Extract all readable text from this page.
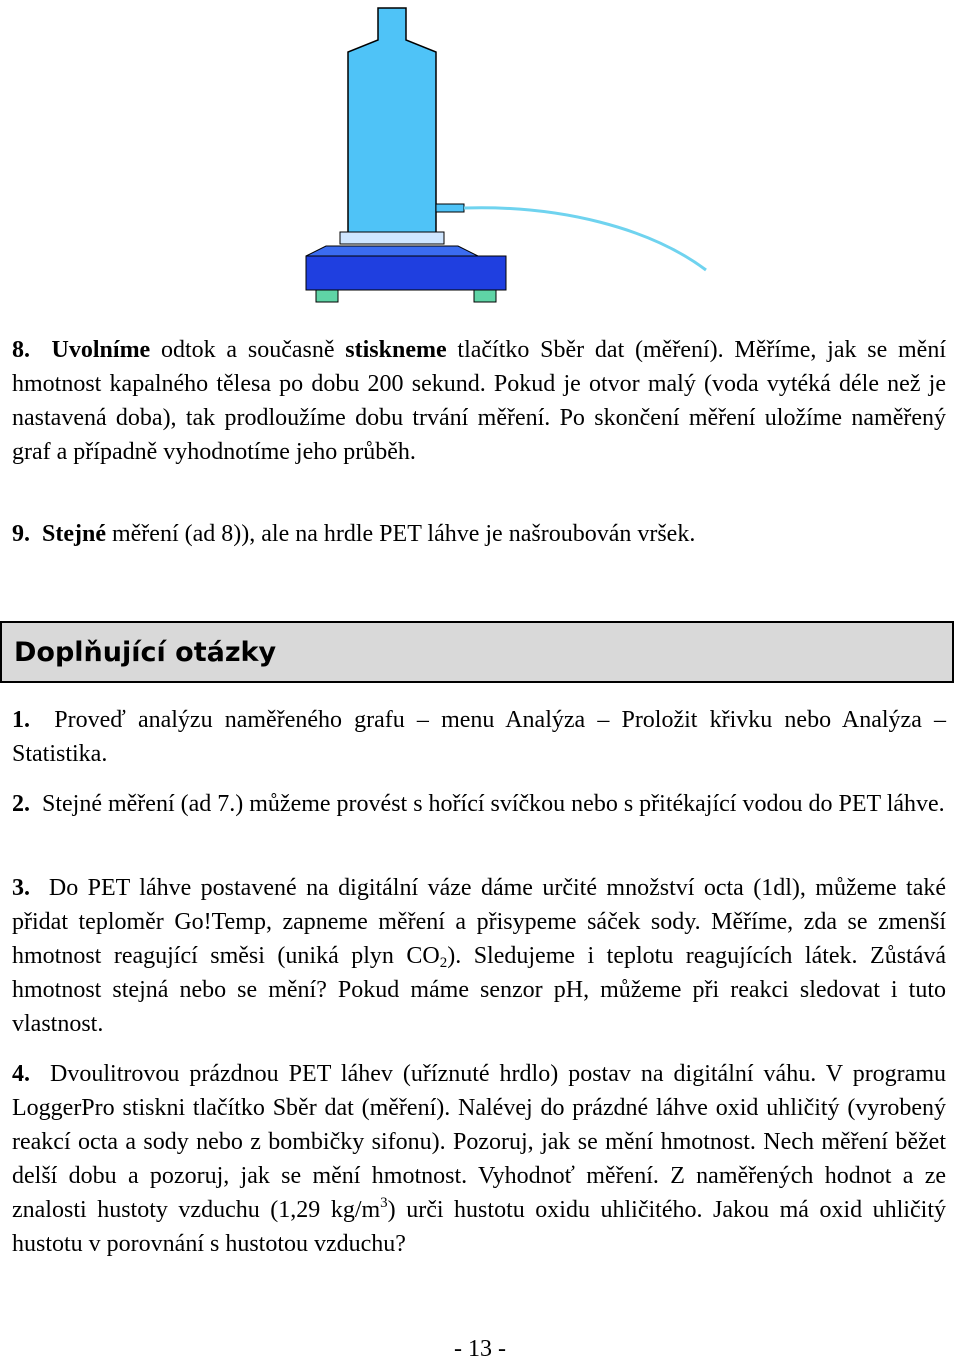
8. Uvolníme odtok a současně stiskneme tlačítko Sběr dat (měření). Měříme, jak se mění hmotnost kapalného tělesa po dobu 200 sekund. Pokud je otvor malý (voda vytéká déle než je nastavená doba), tak prodloužíme dobu trvání měření. Po skončení měření uložíme naměřený graf a případně vyhodnotíme jeho průběh.
9. Stejné měření (ad 8)), ale na hrdle PET láhve je našroubován vršek.
Doplňující otázky
1. Proveď analýzu naměřeného grafu – menu Analýza – Proložit křivku nebo Analýza – Statistika.
2. Stejné měření (ad 7.) můžeme provést s hořící svíčkou nebo s přitékající vodou do PET láhve.
3. Do PET láhve postavené na digitální váze dáme určité množství octa (1dl), můžeme také přidat teploměr Go!Temp, zapneme měření a přisypeme sáček sody. Měříme, zda se zmenší hmotnost reagující směsi (uniká plyn $CO_2$). Sledujeme i teplotu reagujících látek. Zůstává hmotnost stejná nebo se mění? Pokud máme senzor pH, můžeme při reakci sledovat i tuto vlastnost.
4. Dvoulitrovou prázdnou PET láhev (uříznuté hrdlo) postav na digitální váhu. V programu LoggerPro stiskni tlačítko Sběr dat (měření). Nalévej do prázdné láhve oxid uhličitý (vyrobený reakcí octa a sody nebo z bombičky sifonu). Pozoruj, jak se mění hmotnost. Nech měření běžet delší dobu a pozoruj, jak se mění hmotnost. Vyhodnoť měření. Z naměřených hodnot a ze znalosti hustoty vzduchu (1,29 $kg/m^3$) urči hustotu oxidu uhličitého. Jakou má oxid uhličitý hustotu v porovnání s hustotou vzduchu?
- 13 -
